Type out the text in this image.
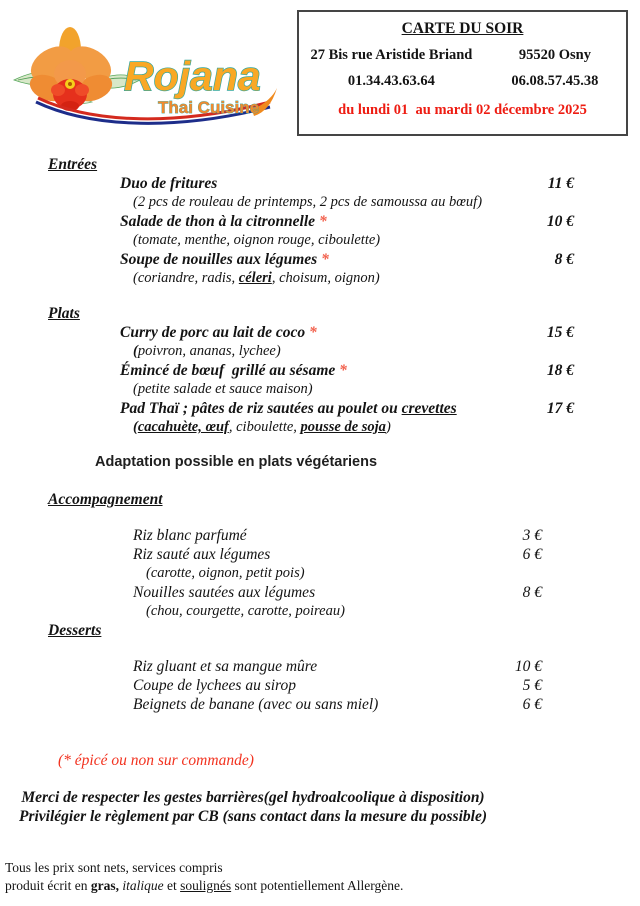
Rojana
Thai Cuisine
CARTE DU SOIR
27 Bis rue Aristide Briand	95520 Osny
01.34.43.63.64	06.08.57.45.38
du lundi 01  au mardi 02 décembre 2025
Entrées
Duo de fritures	11 €
(2 pcs de rouleau de printemps, 2 pcs de samoussa au bœuf)
Salade de thon à la citronnelle *	10 €
(tomate, menthe, oignon rouge, ciboulette)
Soupe de nouilles aux légumes *	8 €
(coriandre, radis, céleri, choisum, oignon)
Plats
Curry de porc au lait de coco *	15 €
(poivron, ananas, lychee)
Émincé de bœuf  grillé au sésame *	18 €
(petite salade et sauce maison)
Pad Thaï ; pâtes de riz sautées au poulet ou crevettes	17 €
(cacahuète, œuf, ciboulette, pousse de soja)
Adaptation possible en plats végétariens
Accompagnement
Riz blanc parfumé	3 €
Riz sauté aux légumes	6 €
(carotte, oignon, petit pois)
Nouilles sautées aux légumes	8 €
(chou, courgette, carotte, poireau)
Desserts
Riz gluant et sa mangue mûre	10 €
Coupe de lychees au sirop	5 €
Beignets de banane (avec ou sans miel)	6 €
(* épicé ou non sur commande)
Merci de respecter les gestes barrières(gel hydroalcoolique à disposition)
Privilégier le règlement par CB (sans contact dans la mesure du possible)
Tous les prix sont nets, services compris
produit écrit en gras, italique et soulignés sont potentiellement Allergène.
